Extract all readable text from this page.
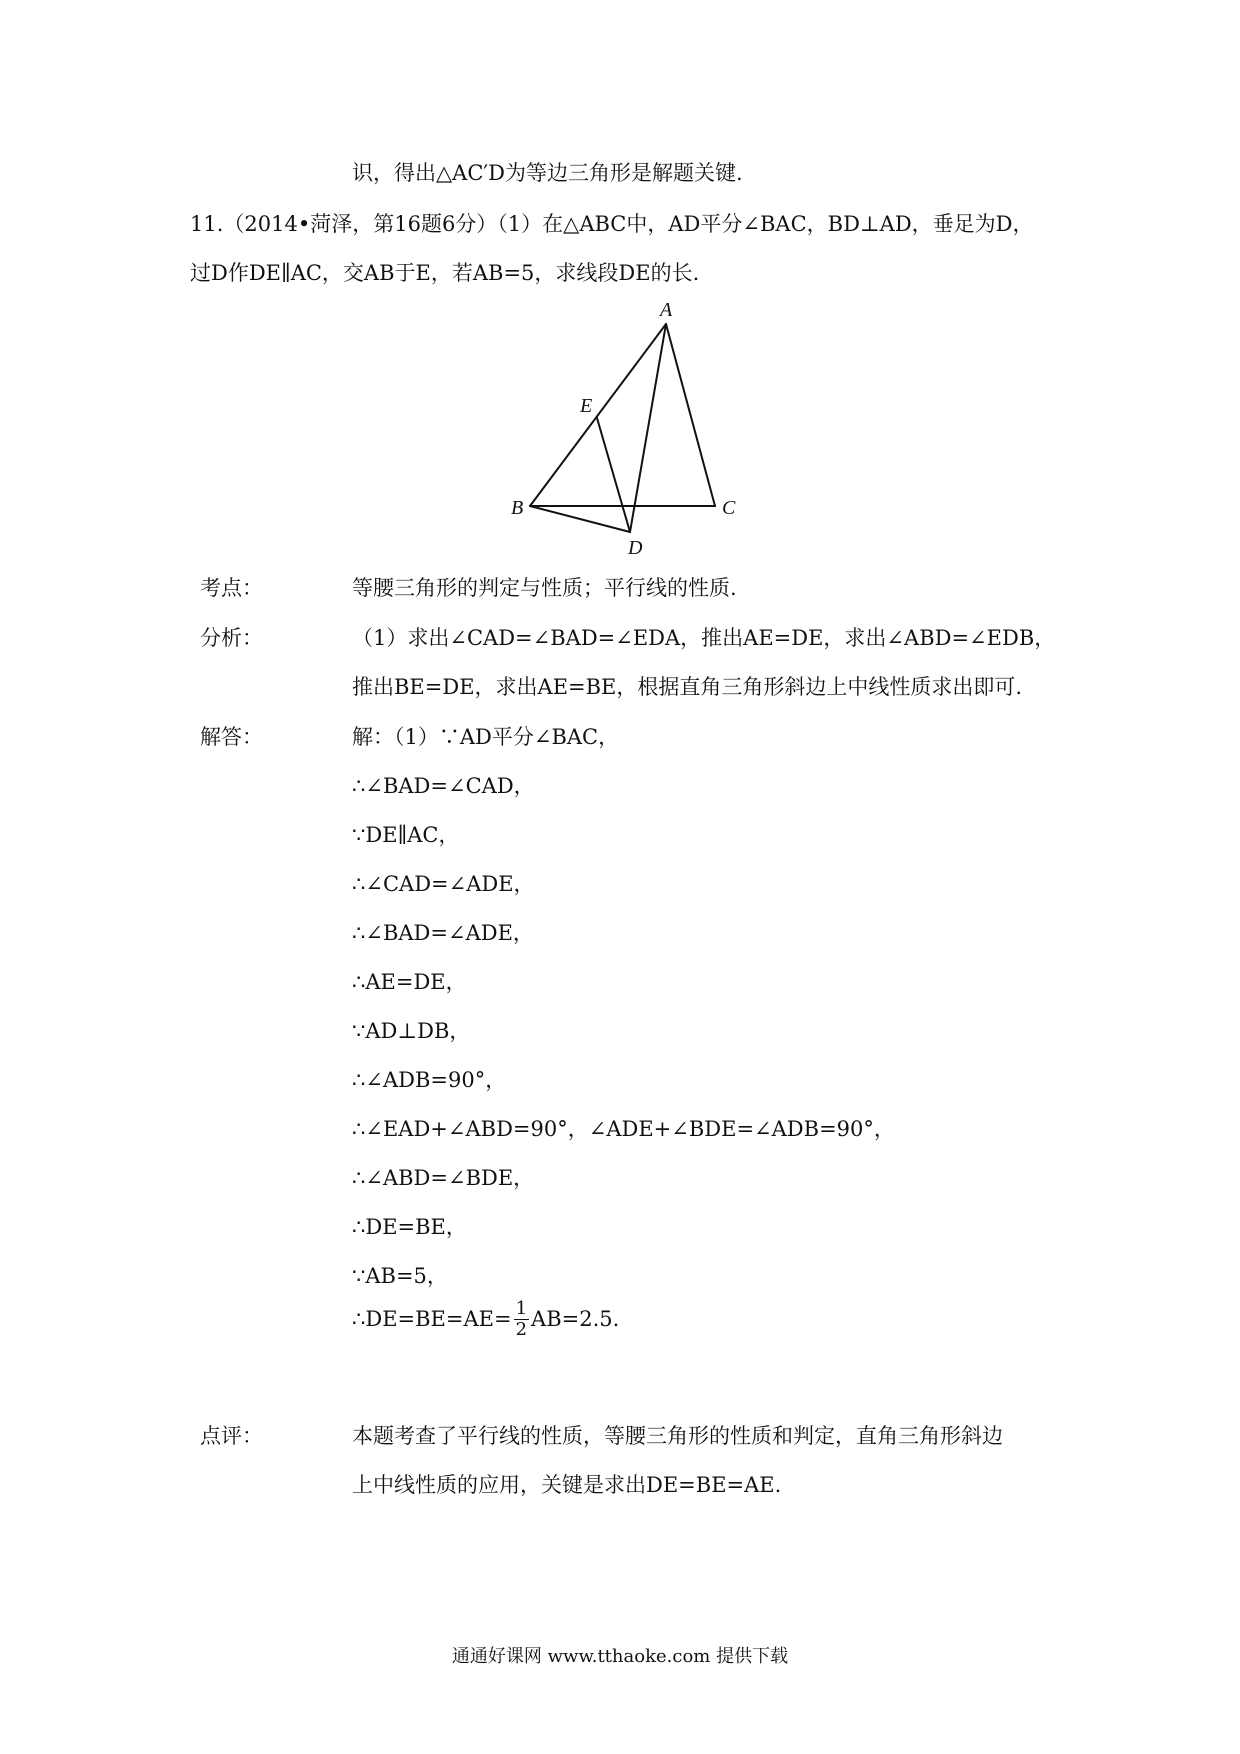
识，得出△AC′D为等边三角形是解题关键.
11.（2014•菏泽，第16题6分）（1）在△ABC中，AD平分∠BAC，BD⊥AD，垂足为D，
过D作DE∥AC，交AB于E，若AB=5，求线段DE的长.
A
E
B	C
D
考点：	等腰三角形的判定与性质；平行线的性质.
分析：	（1）求出∠CAD=∠BAD=∠EDA，推出AE=DE，求出∠ABD=∠EDB，
推出BE=DE，求出AE=BE，根据直角三角形斜边上中线性质求出即可.
解答：	解：（1）∵AD平分∠BAC，
∴∠BAD=∠CAD，
∵DE∥AC，
∴∠CAD=∠ADE，
∴∠BAD=∠ADE，
∴AE=DE，
∵AD⊥DB，
∴∠ADB=90°，
∴∠EAD+∠ABD=90°，∠ADE+∠BDE=∠ADB=90°，
∴∠ABD=∠BDE，
∴DE=BE，
∵AB=5，
∴DE=BE=AE= $\frac{1}{2} AB=2.5$.
点评：	本题考查了平行线的性质，等腰三角形的性质和判定，直角三角形斜边
上中线性质的应用，关键是求出DE=BE=AE.
通通好课网 www.tthaoke.com 提供下载
